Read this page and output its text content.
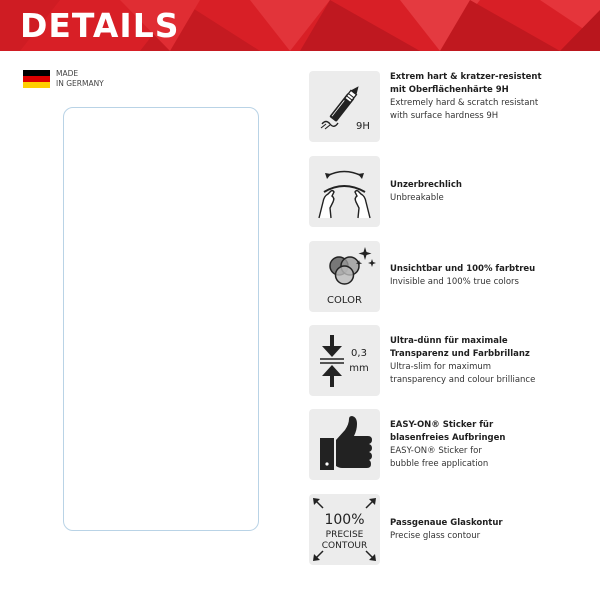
DETAILS
MADE
IN GERMANY
9H
Extrem hart & kratzer-resistent
mit Oberflächenhärte 9H
Extremely hard & scratch resistant
with surface hardness 9H
Unzerbrechlich
Unbreakable
COLOR
Unsichtbar und 100% farbtreu
Invisible and 100% true colors
0,3
mm
Ultra-dünn für maximale
Transparenz und Farbbrillanz
Ultra-slim for maximum
transparency and colour brilliance
EASY-ON® Sticker für
blasenfreies Aufbringen
EASY-ON® Sticker for
bubble free application
100%
PRECISE
CONTOUR
Passgenaue Glaskontur
Precise glass contour
